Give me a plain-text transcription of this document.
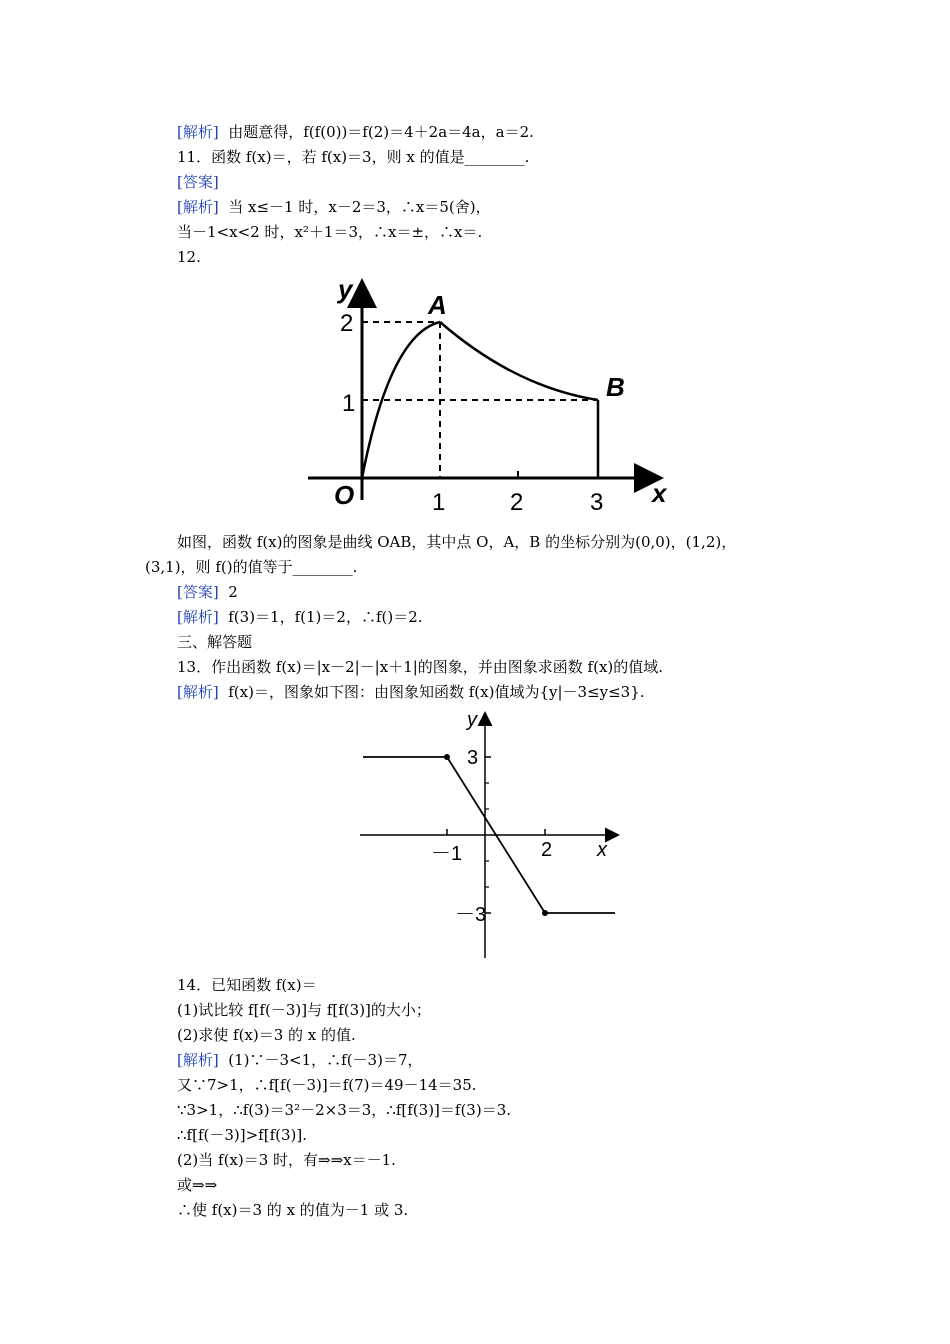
[解析]  由题意得，f(f(0))＝f(2)＝4＋2a＝4a，a＝2.
11．函数 f(x)＝，若 f(x)＝3，则 x 的值是________.
[答案]
[解析]  当 x≤－1 时，x－2＝3，∴x＝5(舍)，
当－1<x<2 时，x²＋1＝3，∴x＝±，∴x＝.
12.
y
x
O
2
1
1	2	3
A
B
如图，函数 f(x)的图象是曲线 OAB，其中点 O，A，B 的坐标分别为(0,0)，(1,2)，
(3,1)，则 f()的值等于________.
[答案]  2
[解析]  f(3)＝1，f(1)＝2，∴f()＝2.
三、解答题
13．作出函数 f(x)＝|x－2|－|x＋1|的图象，并由图象求函数 f(x)的值域.
[解析]  f(x)＝，图象如下图：由图象知函数 f(x)值域为{y|－3≤y≤3}.
y
x
3
－3
－1	2
14．已知函数 f(x)＝
(1)试比较 f[f(－3)]与 f[f(3)]的大小；
(2)求使 f(x)＝3 的 x 的值.
[解析]  (1)∵－3<1，∴f(－3)＝7，
又∵7>1，∴f[f(－3)]＝f(7)＝49－14＝35.
∵3>1，∴f(3)＝3²－2×3＝3，∴f[f(3)]＝f(3)＝3.
∴f[f(－3)]>f[f(3)].
(2)当 f(x)＝3 时，有⇒⇒x＝－1.
或⇒⇒
∴使 f(x)＝3 的 x 的值为－1 或 3.
